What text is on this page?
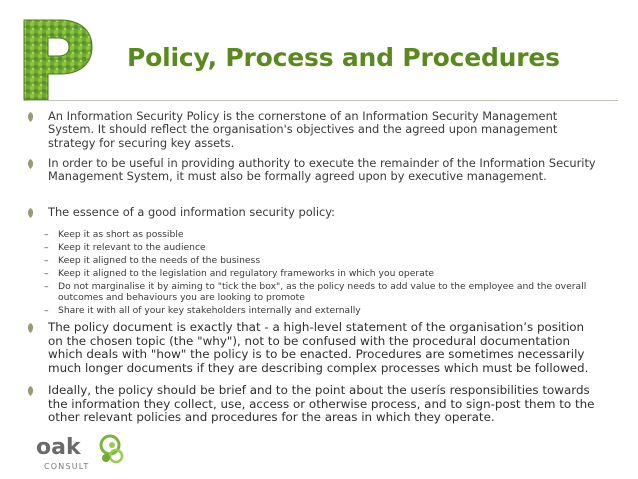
Policy, Process and Procedures
An Information Security Policy is the cornerstone of an Information Security Management System. It should reflect the organisation's objectives and the agreed upon management strategy for securing key assets.
In order to be useful in providing authority to execute the remainder of the Information Security Management System, it must also be formally agreed upon by executive management.
The essence of a good information security policy:
– Keep it as short as possible
– Keep it relevant to the audience
– Keep it aligned to the needs of the business
– Keep it aligned to the legislation and regulatory frameworks in which you operate
– Do not marginalise it by aiming to "tick the box", as the policy needs to add value to the employee and the overall outcomes and behaviours you are looking to promote
– Share it with all of your key stakeholders internally and externally
The policy document is exactly that - a high-level statement of the organisation’s position on the chosen topic (the "why"), not to be confused with the procedural documentation which deals with "how" the policy is to be enacted. Procedures are sometimes necessarily much longer documents if they are describing complex processes which must be followed.
Ideally, the policy should be brief and to the point about the userís responsibilities towards the information they collect, use, access or otherwise process, and to sign-post them to the other relevant policies and procedures for the areas in which they operate.
oak
CONSULT
